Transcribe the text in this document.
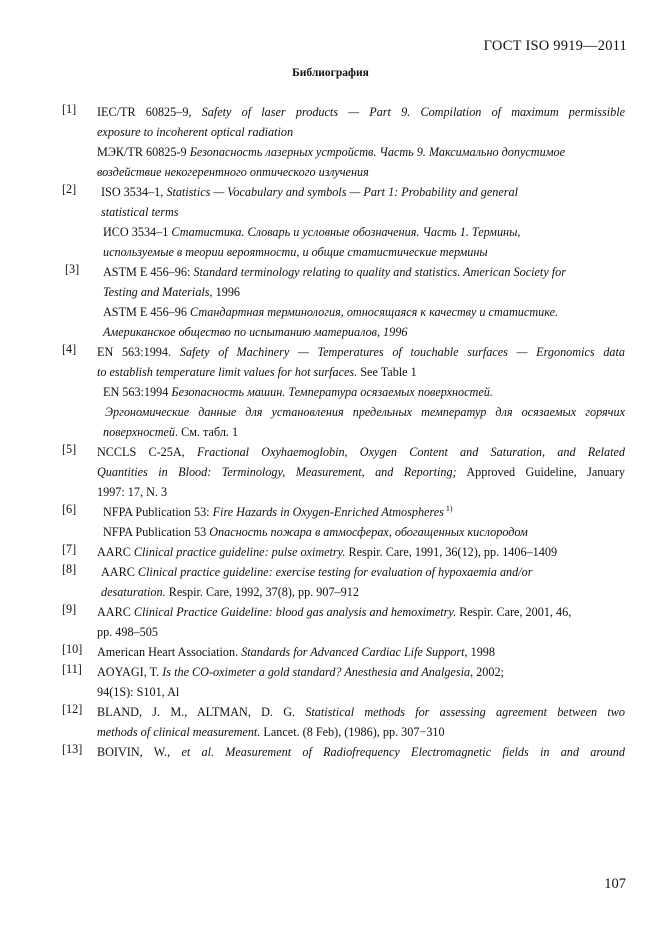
ГОСТ ISO 9919—2011
Библиография
[1]	IEC/TR 60825–9, Safety of laser products — Part 9. Compilation of maximum permissible
exposure to incoherent optical radiation
МЭК/TR 60825-9 Безопасность лазерных устройств. Часть 9. Максимально допустимое
воздействие некогерентного оптического излучения
[2]	ISO 3534–1, Statistics — Vocabulary and symbols — Part 1: Probability and general
statistical terms
ИСО 3534–1 Статистика. Словарь и условные обозначения. Часть 1. Термины,
используемые в теории вероятности, и общие статистические термины
[3]	ASTM E 456–96: Standard terminology relating to quality and statistics. American Society for
Testing and Materials, 1996
ASTM E 456–96 Стандартная терминология, относящаяся к качеству и статистике.
Американское общество по испытанию материалов, 1996
[4]	EN 563:1994. Safety of Machinery — Temperatures of touchable surfaces — Ergonomics data
to establish temperature limit values for hot surfaces. See Table 1
EN 563:1994 Безопасность машин. Температура осязаемых поверхностей.
Эргономические данные для установления предельных температур для осязаемых горячих
поверхностей. См. табл. 1
[5]	NCCLS C-25A, Fractional Oxyhaemoglobin, Oxygen Content and Saturation, and Related
Quantities in Blood: Terminology, Measurement, and Reporting; Approved Guideline, January
1997: 17, N. 3
[6]	NFPA Publication 53: Fire Hazards in Oxygen-Enriched Atmospheres $^{1)}$
NFPA Publication 53 Опасность пожара в атмосферах, обогащенных кислородом
[7]	AARC Clinical practice guideline: pulse oximetry. Respir. Care, 1991, 36(12), pp. 1406–1409
[8]	AARC Clinical practice guideline: exercise testing for evaluation of hypoxaemia and/or
desaturation. Respir. Care, 1992, 37(8), pp. 907–912
[9]	AARC Clinical Practice Guideline: blood gas analysis and hemoximetry. Respir. Care, 2001, 46,
pp. 498–505
[10]	American Heart Association. Standards for Advanced Cardiac Life Support, 1998
[11]	AOYAGI, T. Is the CO-oximeter a gold standard? Anesthesia and Analgesia, 2002;
94(1S): S101, Al
[12]	BLAND, J. M., ALTMAN, D. G. Statistical methods for assessing agreement between two
methods of clinical measurement. Lancet. (8 Feb), (1986), pp. 307−310
[13]	BOIVIN, W., et al. Measurement of Radiofrequency Electromagnetic fields in and around
107
